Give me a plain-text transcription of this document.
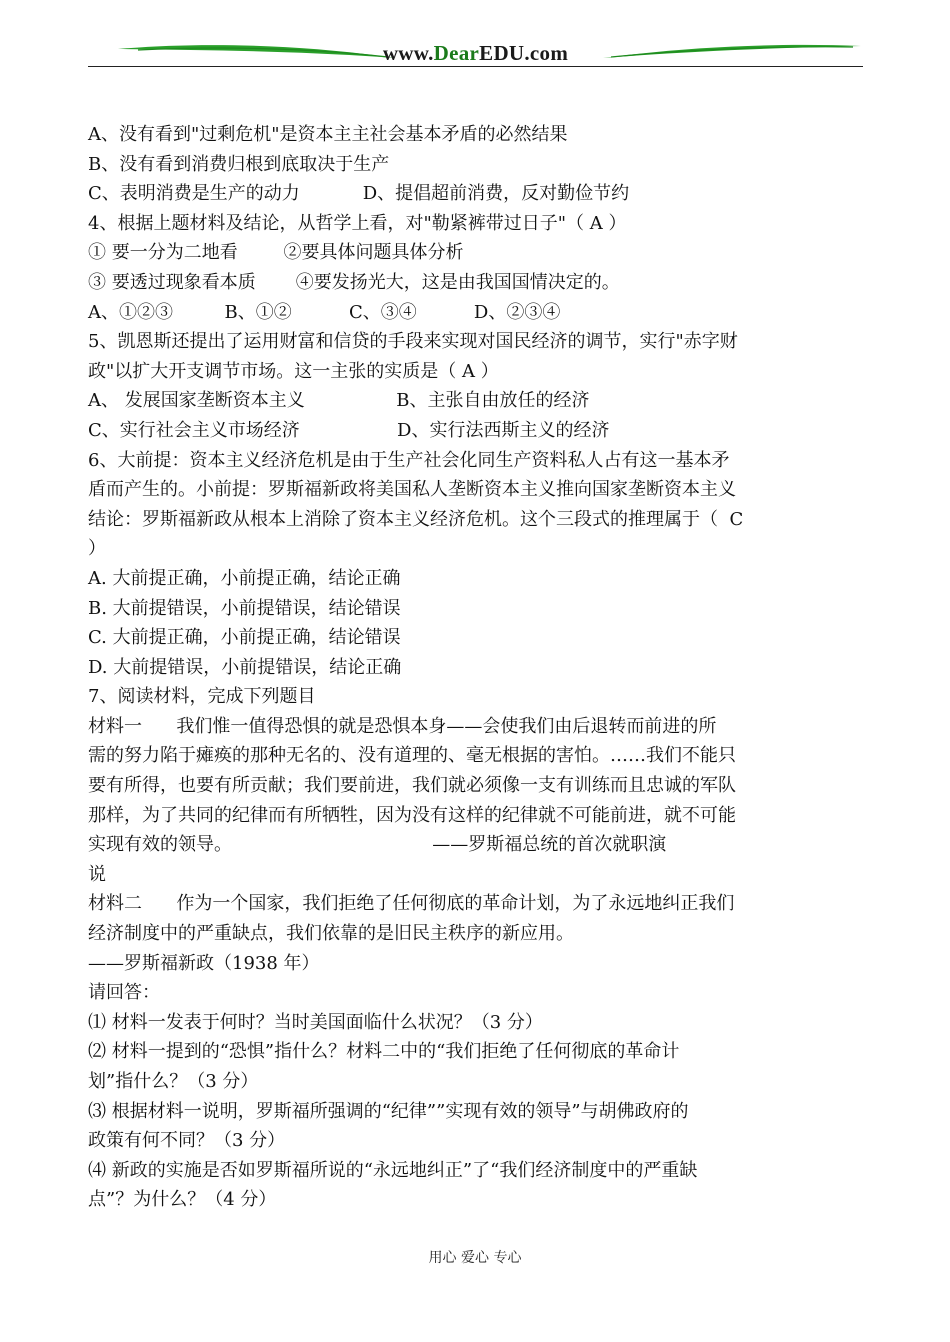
www.DearEDU.com
A、没有看到"过剩危机"是资本主主社会基本矛盾的必然结果
B、没有看到消费归根到底取决于生产
C、表明消费是生产的动力           D、提倡超前消费，反对勤俭节约
4、根据上题材料及结论，从哲学上看，对"勒紧裤带过日子"（ A ）
① 要一分为二地看        ②要具体问题具体分析
③ 要透过现象看本质       ④要发扬光大，这是由我国国情决定的。
A、①②③         B、①②          C、③④          D、②③④
5、凯恩斯还提出了运用财富和信贷的手段来实现对国民经济的调节，实行"赤字财
政"以扩大开支调节市场。这一主张的实质是（ A ）
A、 发展国家垄断资本主义                B、主张自由放任的经济
C、实行社会主义市场经济                 D、实行法西斯主义的经济
6、大前提：资本主义经济危机是由于生产社会化同生产资料私人占有这一基本矛
盾而产生的。小前提：罗斯福新政将美国私人垄断资本主义推向国家垄断资本主义
结论：罗斯福新政从根本上消除了资本主义经济危机。这个三段式的推理属于（  C
）
A. 大前提正确，小前提正确，结论正确
B. 大前提错误，小前提错误，结论错误
C. 大前提正确，小前提正确，结论错误
D. 大前提错误，小前提错误，结论正确
7、阅读材料，完成下列题目
材料一      我们惟一值得恐惧的就是恐惧本身——会使我们由后退转而前进的所
需的努力陷于瘫痪的那种无名的、没有道理的、毫无根据的害怕。……我们不能只
要有所得，也要有所贡献；我们要前进，我们就必须像一支有训练而且忠诚的军队
那样，为了共同的纪律而有所牺牲，因为没有这样的纪律就不可能前进，就不可能
实现有效的领导。                                   ——罗斯福总统的首次就职演
说
材料二      作为一个国家，我们拒绝了任何彻底的革命计划，为了永远地纠正我们
经济制度中的严重缺点，我们依靠的是旧民主秩序的新应用。
——罗斯福新政（1938 年）
请回答：
⑴ 材料一发表于何时？当时美国面临什么状况？（3 分）
⑵ 材料一提到的“恐惧”指什么？材料二中的“我们拒绝了任何彻底的革命计
划”指什么？（3 分）
⑶ 根据材料一说明，罗斯福所强调的“纪律””实现有效的领导”与胡佛政府的
政策有何不同？（3 分）
⑷ 新政的实施是否如罗斯福所说的“永远地纠正”了“我们经济制度中的严重缺
点”？为什么？（4 分）
用心 爱心 专心
